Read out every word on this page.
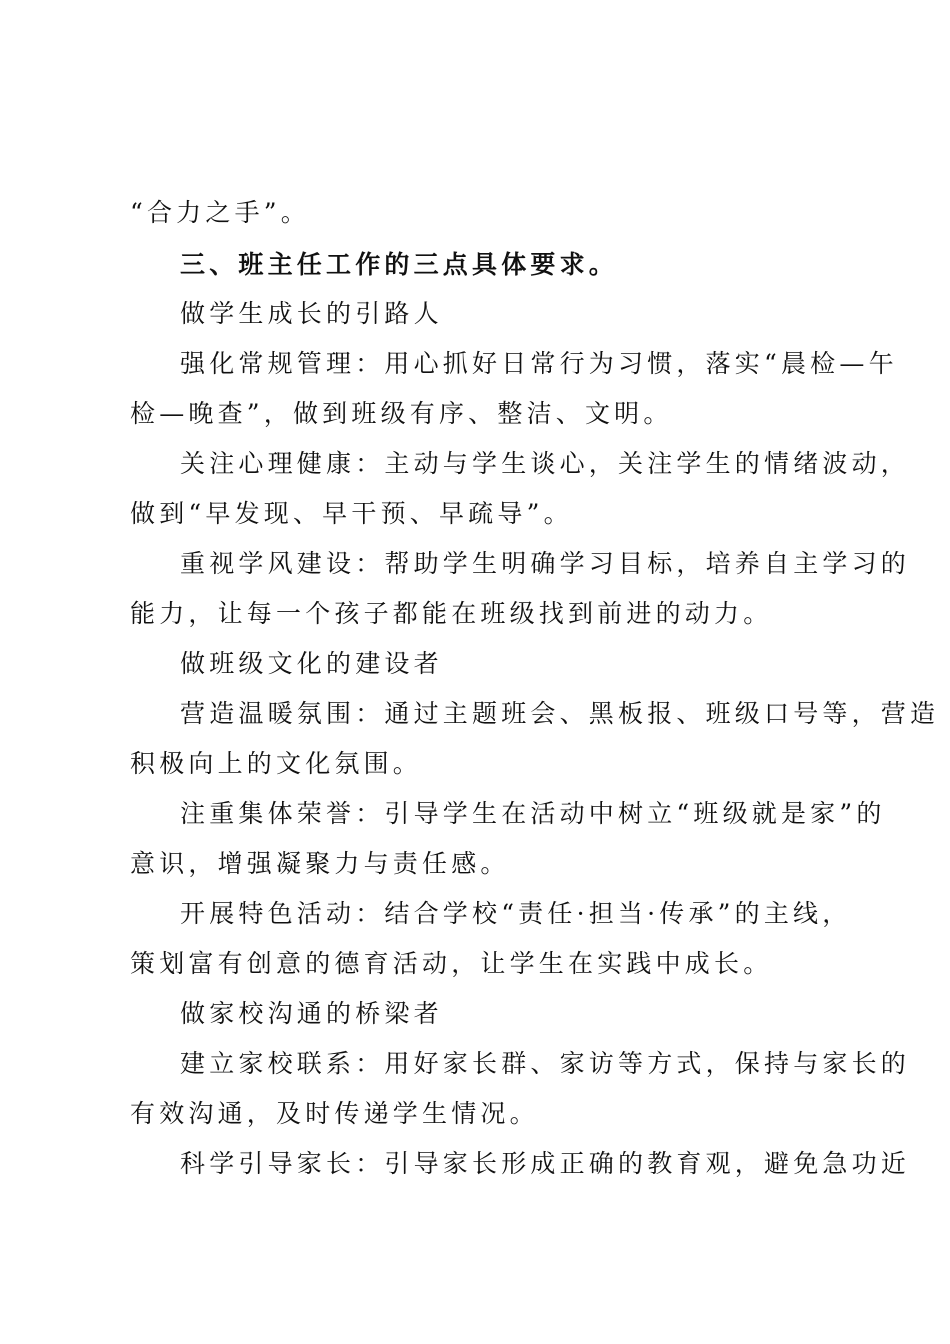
“合力之手”。
三、班主任工作的三点具体要求。
做学生成长的引路人
强化常规管理：用心抓好日常行为习惯，落实“晨检—午
检—晚查”，做到班级有序、整洁、文明。
关注心理健康：主动与学生谈心，关注学生的情绪波动，
做到“早发现、早干预、早疏导”。
重视学风建设：帮助学生明确学习目标，培养自主学习的
能力，让每一个孩子都能在班级找到前进的动力。
做班级文化的建设者
营造温暖氛围：通过主题班会、黑板报、班级口号等，营造
积极向上的文化氛围。
注重集体荣誉：引导学生在活动中树立“班级就是家”的
意识，增强凝聚力与责任感。
开展特色活动：结合学校“责任·担当·传承”的主线，
策划富有创意的德育活动，让学生在实践中成长。
做家校沟通的桥梁者
建立家校联系：用好家长群、家访等方式，保持与家长的
有效沟通，及时传递学生情况。
科学引导家长：引导家长形成正确的教育观，避免急功近
